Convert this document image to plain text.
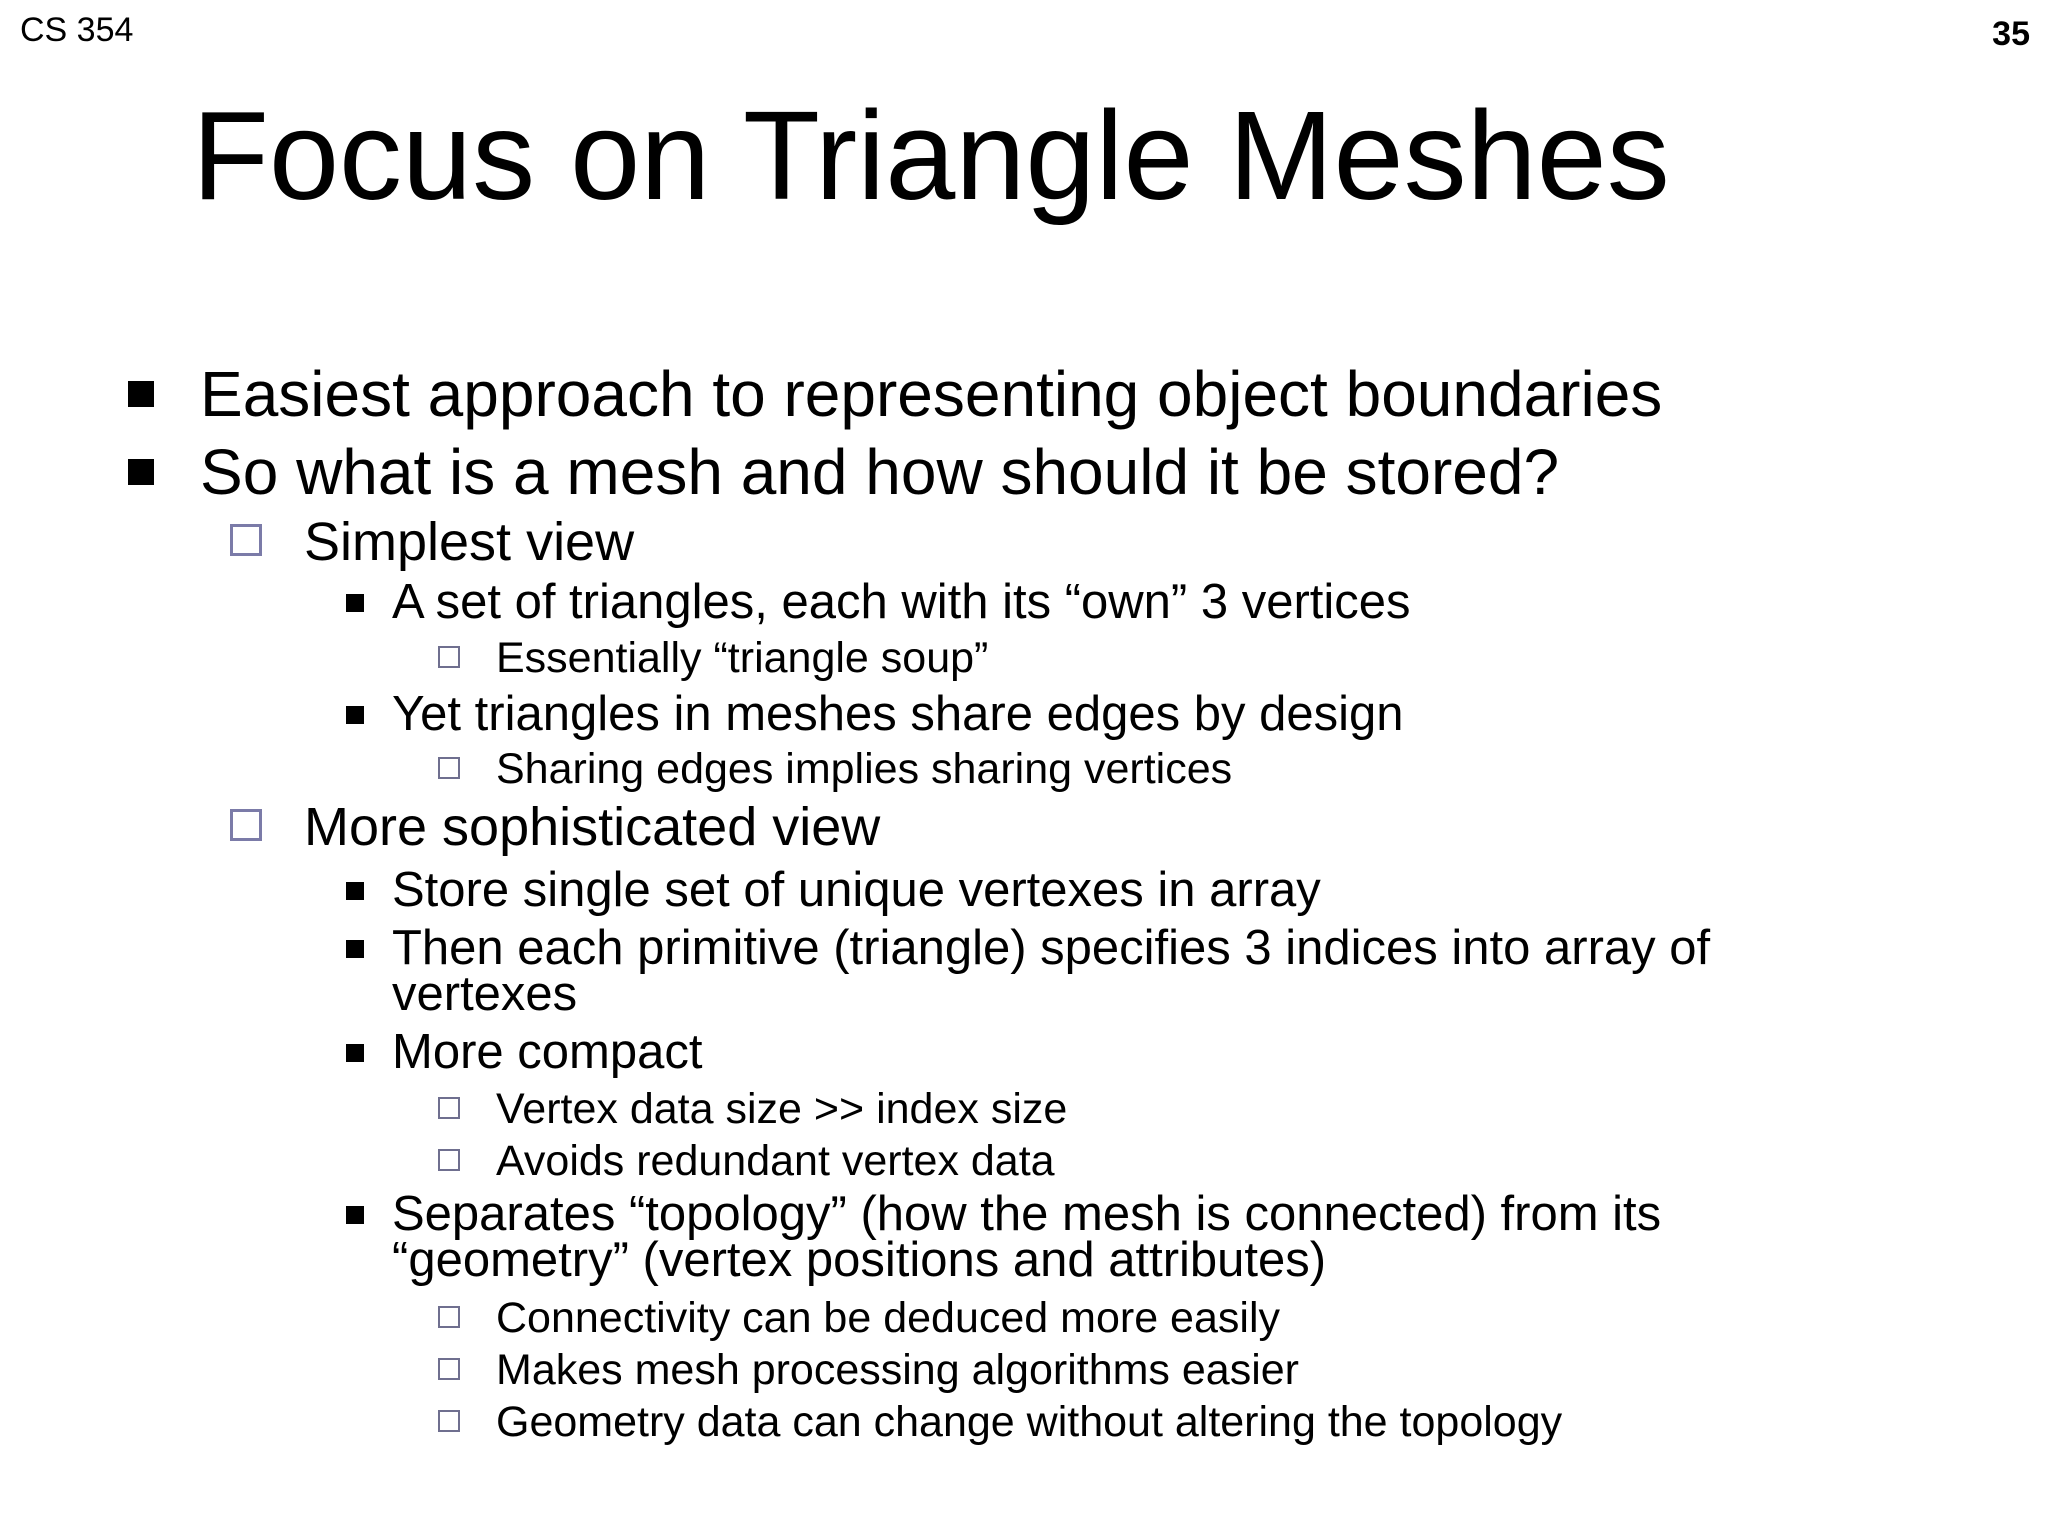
CS 354	35
Focus on Triangle Meshes
Easiest approach to representing object boundaries
So what is a mesh and how should it be stored?
Simplest view
A set of triangles, each with its “own” 3 vertices
Essentially “triangle soup”
Yet triangles in meshes share edges by design
Sharing edges implies sharing vertices
More sophisticated view
Store single set of unique vertexes in array
Then each primitive (triangle) specifies 3 indices into array of
vertexes
More compact
Vertex data size >> index size
Avoids redundant vertex data
Separates “topology” (how the mesh is connected) from its
“geometry” (vertex positions and attributes)
Connectivity can be deduced more easily
Makes mesh processing algorithms easier
Geometry data can change without altering the topology
